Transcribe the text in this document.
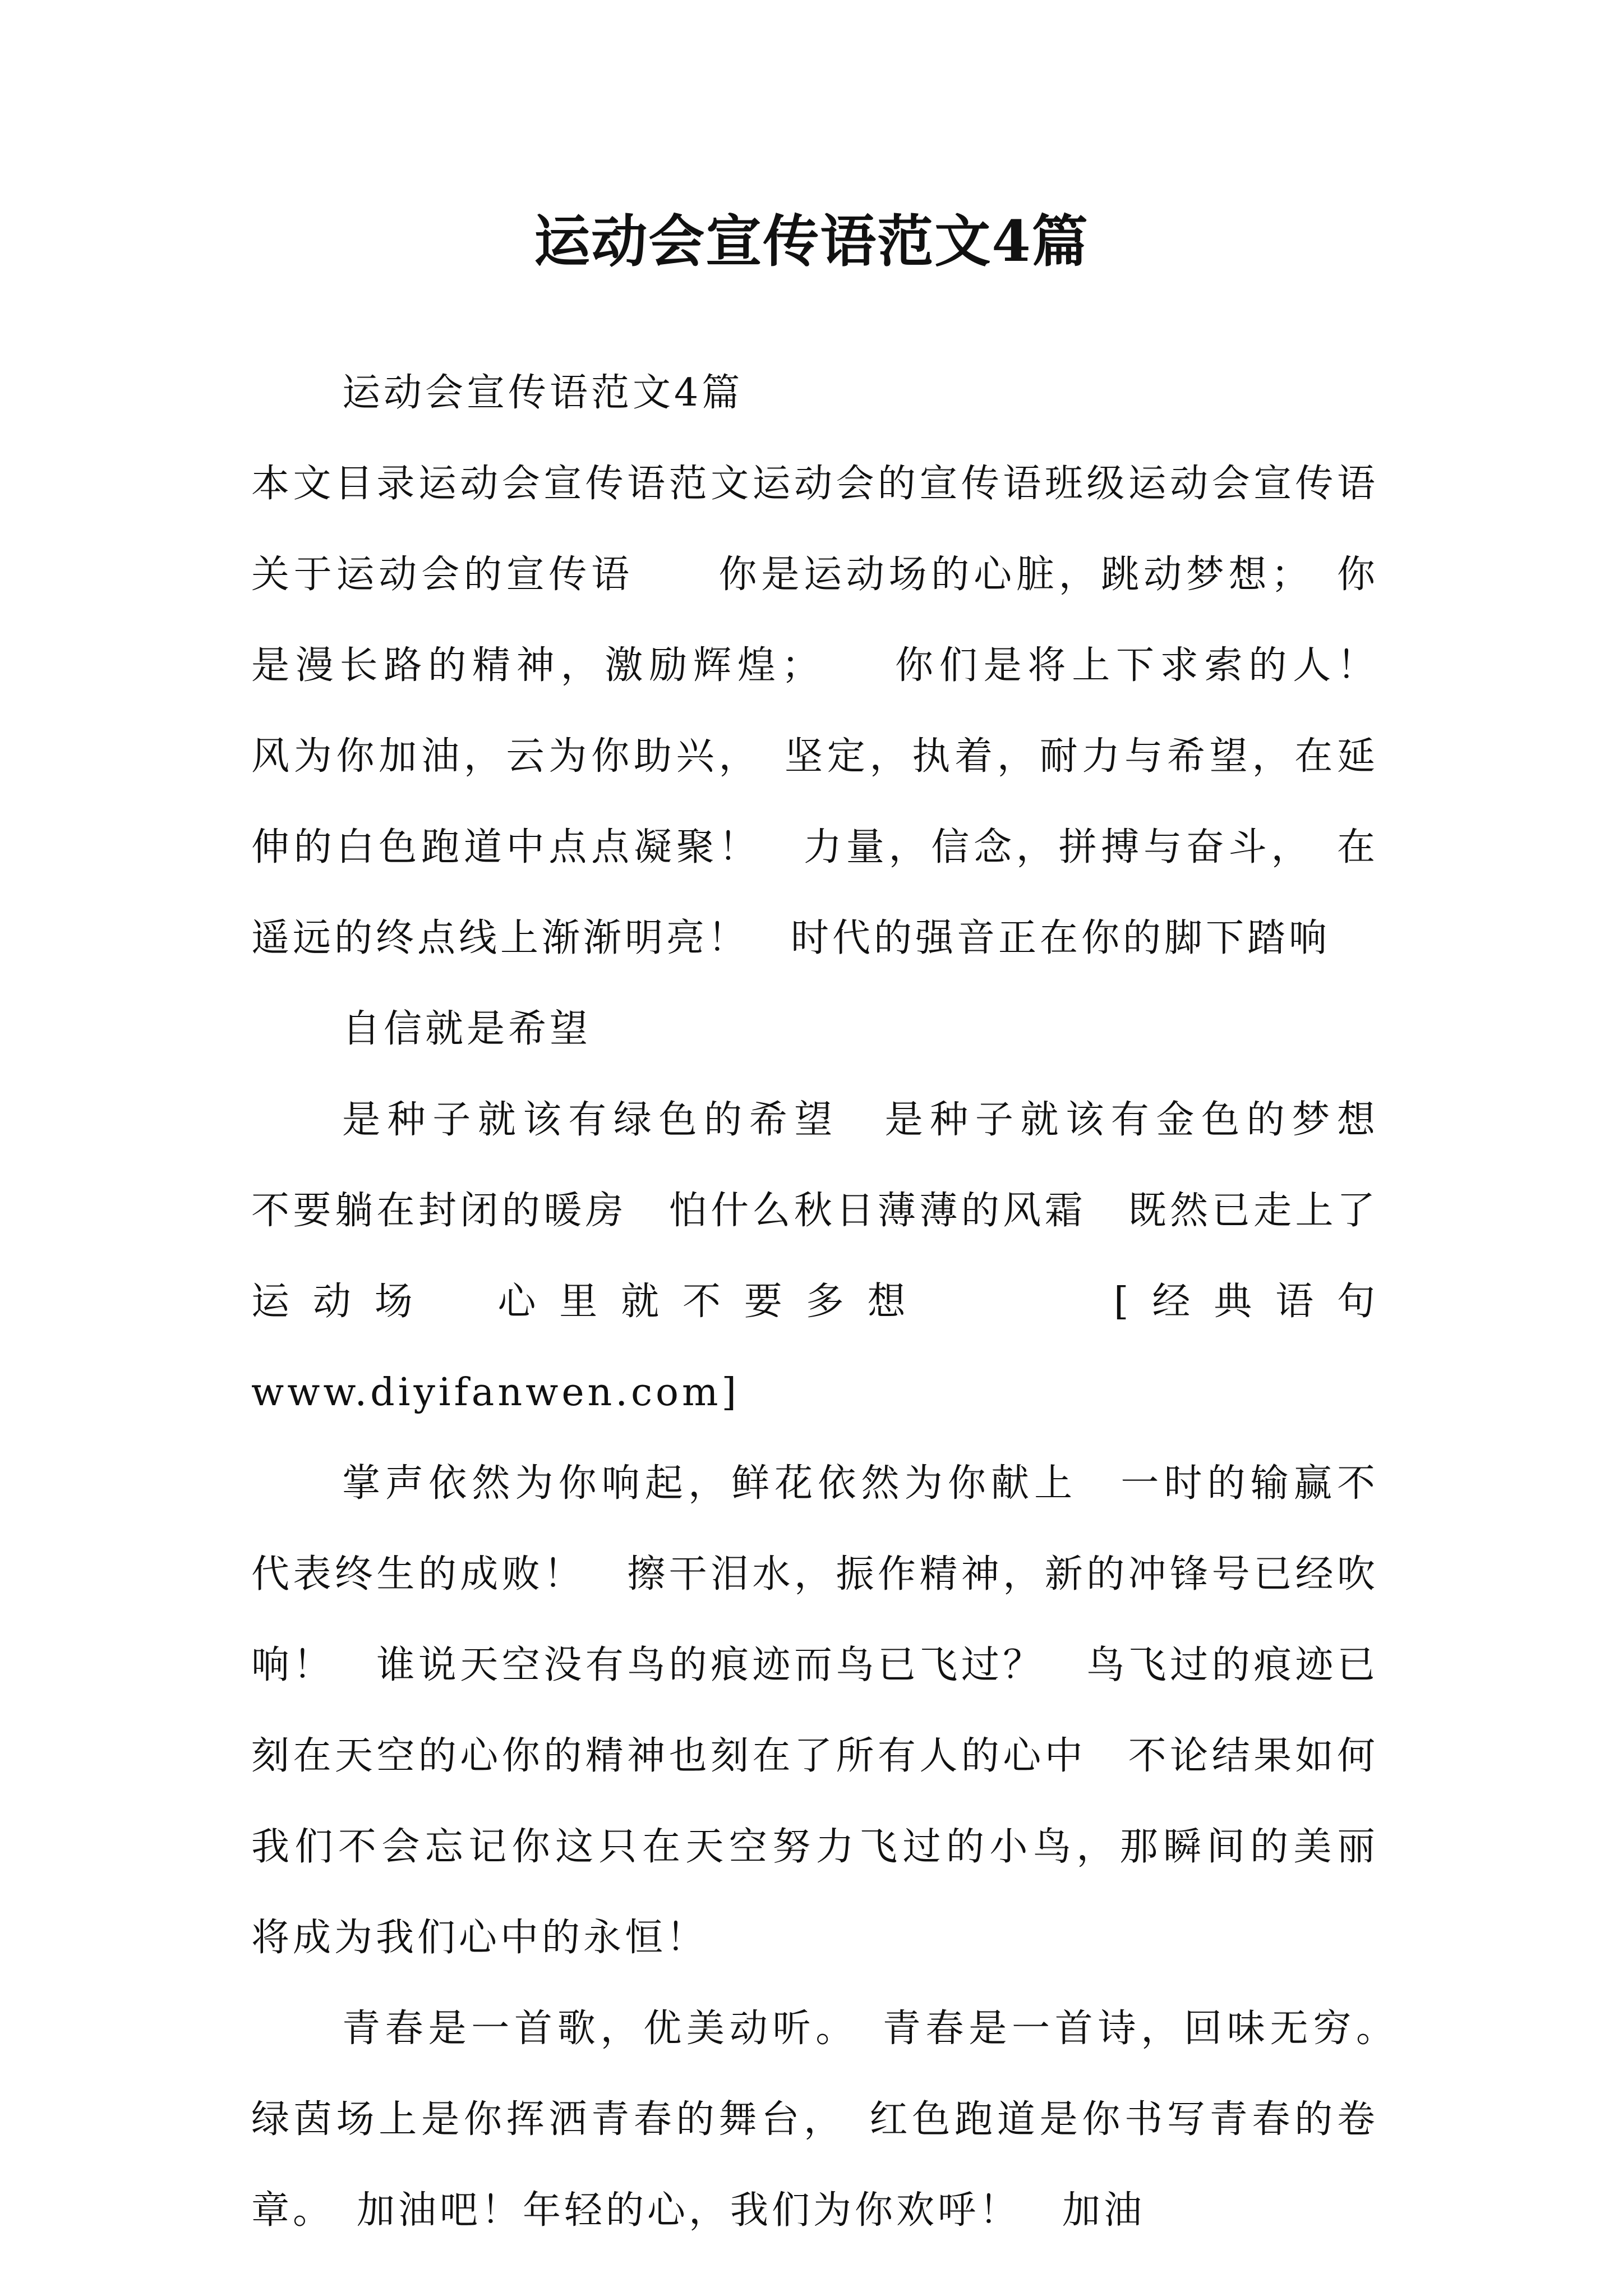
运动会宣传语范文4篇

运动会宣传语范文4篇

本文目录运动会宣传语范文运动会的宣传语班级运动会宣传语关于运动会的宣传语　　你是运动场的心脏，跳动梦想；　你是漫长路的精神，激励辉煌；　　你们是将上下求索的人！　风为你加油，云为你助兴，　坚定，执着，耐力与希望，在延伸的白色跑道中点点凝聚！　力量，信念，拼搏与奋斗，　在遥远的终点线上渐渐明亮！　时代的强音正在你的脚下踏响

自信就是希望

是种子就该有绿色的希望　是种子就该有金色的梦想　不要躺在封闭的暖房　怕什么秋日薄薄的风霜　既然已走上了运动场　心里就不要多想　　　[经典语句www.diyifanwen.com]

掌声依然为你响起，鲜花依然为你献上　一时的输赢不代表终生的成败！　擦干泪水，振作精神，新的冲锋号已经吹响！　谁说天空没有鸟的痕迹而鸟已飞过？　鸟飞过的痕迹已刻在天空的心你的精神也刻在了所有人的心中　不论结果如何　我们不会忘记你这只在天空努力飞过的小鸟，那瞬间的美丽　将成为我们心中的永恒！

青春是一首歌，优美动听。　青春是一首诗，回味无穷。　绿茵场上是你挥洒青春的舞台，　红色跑道是你书写青春的卷章。　加油吧！年轻的心，我们为你欢呼！　加油
